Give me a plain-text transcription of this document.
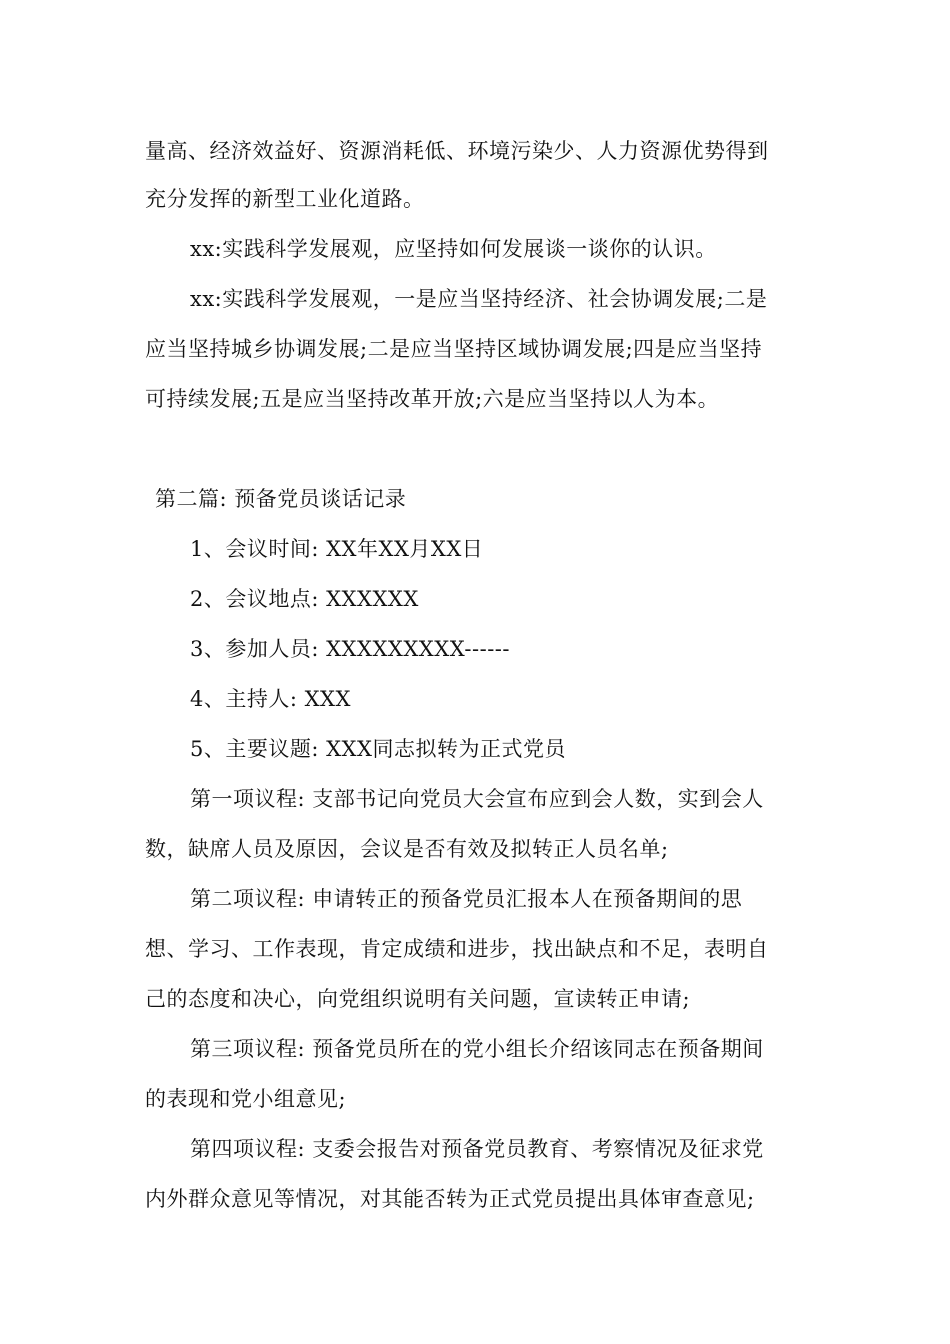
量高、经济效益好、资源消耗低、环境污染少、人力资源优势得到
充分发挥的新型工业化道路。
xx:实践科学发展观，应坚持如何发展谈一谈你的认识。
xx:实践科学发展观，一是应当坚持经济、社会协调发展;二是
应当坚持城乡协调发展;二是应当坚持区域协调发展;四是应当坚持
可持续发展;五是应当坚持改革开放;六是应当坚持以人为本。
第二篇: 预备党员谈话记录
1、会议时间: XX年XX月XX日
2、会议地点: XXXXXX
3、参加人员: XXXXXXXXX------
4、主持人: XXX
5、主要议题: XXX同志拟转为正式党员
第一项议程: 支部书记向党员大会宣布应到会人数，实到会人
数，缺席人员及原因，会议是否有效及拟转正人员名单;
第二项议程: 申请转正的预备党员汇报本人在预备期间的思
想、学习、工作表现，肯定成绩和进步，找出缺点和不足，表明自
己的态度和决心，向党组织说明有关问题，宣读转正申请;
第三项议程: 预备党员所在的党小组长介绍该同志在预备期间
的表现和党小组意见;
第四项议程: 支委会报告对预备党员教育、考察情况及征求党
内外群众意见等情况，对其能否转为正式党员提出具体审查意见;
